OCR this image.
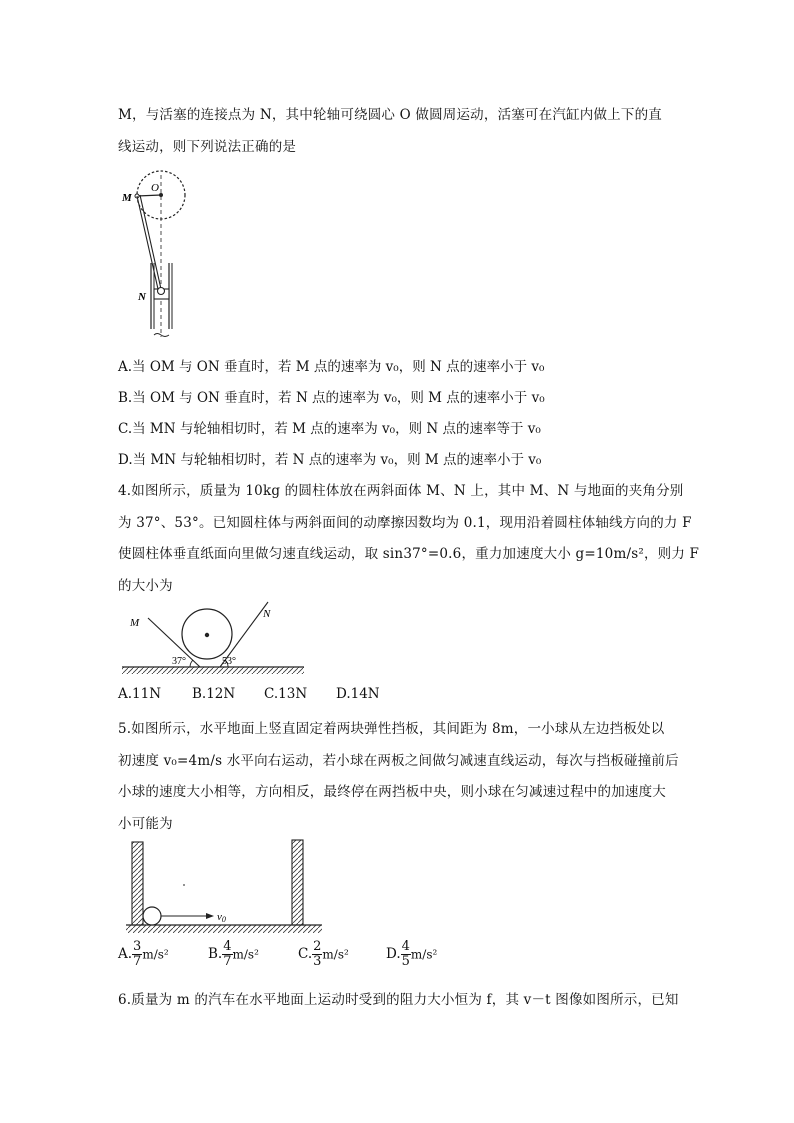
M，与活塞的连接点为 N，其中轮轴可绕圆心 O 做圆周运动，活塞可在汽缸内做上下的直
线运动，则下列说法正确的是
O
M
N
A.当 OM 与 ON 垂直时，若 M 点的速率为 v₀，则 N 点的速率小于 v₀
B.当 OM 与 ON 垂直时，若 N 点的速率为 v₀，则 M 点的速率小于 v₀
C.当 MN 与轮轴相切时，若 M 点的速率为 v₀，则 N 点的速率等于 v₀
D.当 MN 与轮轴相切时，若 N 点的速率为 v₀，则 M 点的速率小于 v₀
4.如图所示，质量为 10kg 的圆柱体放在两斜面体 M、N 上，其中 M、N 与地面的夹角分别
为 37°、53°。已知圆柱体与两斜面间的动摩擦因数均为 0.1，现用沿着圆柱体轴线方向的力 F
使圆柱体垂直纸面向里做匀速直线运动，取 sin37°=0.6，重力加速度大小 g=10m/s²，则力 F
的大小为
M
N
37°	53°
A.11N B.12N C.13N D.14N
5.如图所示，水平地面上竖直固定着两块弹性挡板，其间距为 8m，一小球从左边挡板处以
初速度 v₀=4m/s 水平向右运动，若小球在两板之间做匀减速直线运动，每次与挡板碰撞前后
小球的速度大小相等，方向相反，最终停在两挡板中央，则小球在匀减速过程中的加速度大
小可能为
v0
A. $\frac{3}{7} m/s^2$	B. $\frac{4}{7} m/s^2$	C. $\frac{2}{3} m/s^2$	D. $\frac{4}{5} m/s^2$
6.质量为 m 的汽车在水平地面上运动时受到的阻力大小恒为 f，其 v－t 图像如图所示，已知
